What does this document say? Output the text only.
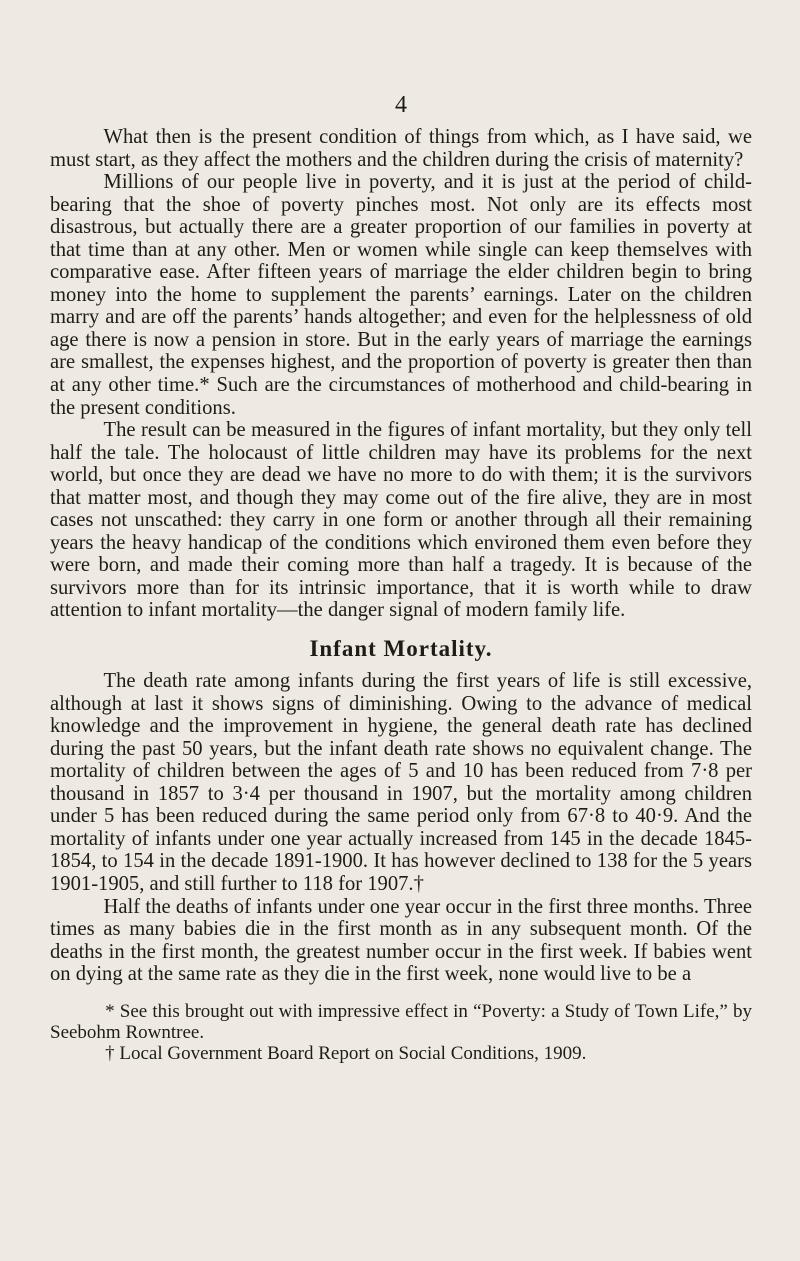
4

What then is the present condition of things from which, as I have said, we must start, as they affect the mothers and the children during the crisis of maternity?

Millions of our people live in poverty, and it is just at the period of child-bearing that the shoe of poverty pinches most. Not only are its effects most disastrous, but actually there are a greater proportion of our families in poverty at that time than at any other. Men or women while single can keep themselves with comparative ease. After fifteen years of marriage the elder children begin to bring money into the home to supplement the parents’ earnings. Later on the children marry and are off the parents’ hands altogether; and even for the helplessness of old age there is now a pension in store. But in the early years of marriage the earnings are smallest, the expenses highest, and the proportion of poverty is greater then than at any other time.* Such are the circumstances of motherhood and child-bearing in the present conditions.

The result can be measured in the figures of infant mortality, but they only tell half the tale. The holocaust of little children may have its problems for the next world, but once they are dead we have no more to do with them; it is the survivors that matter most, and though they may come out of the fire alive, they are in most cases not unscathed: they carry in one form or another through all their remaining years the heavy handicap of the conditions which environed them even before they were born, and made their coming more than half a tragedy. It is because of the survivors more than for its intrinsic importance, that it is worth while to draw attention to infant mortality—the danger signal of modern family life.

Infant Mortality.

The death rate among infants during the first years of life is still excessive, although at last it shows signs of diminishing. Owing to the advance of medical knowledge and the improvement in hygiene, the general death rate has declined during the past 50 years, but the infant death rate shows no equivalent change. The mortality of children between the ages of 5 and 10 has been reduced from 7·8 per thousand in 1857 to 3·4 per thousand in 1907, but the mortality among children under 5 has been reduced during the same period only from 67·8 to 40·9. And the mortality of infants under one year actually increased from 145 in the decade 1845-1854, to 154 in the decade 1891-1900. It has however declined to 138 for the 5 years 1901-1905, and still further to 118 for 1907.†

Half the deaths of infants under one year occur in the first three months. Three times as many babies die in the first month as in any subsequent month. Of the deaths in the first month, the greatest number occur in the first week. If babies went on dying at the same rate as they die in the first week, none would live to be a

* See this brought out with impressive effect in “Poverty: a Study of Town Life,” by Seebohm Rowntree.

† Local Government Board Report on Social Conditions, 1909.
